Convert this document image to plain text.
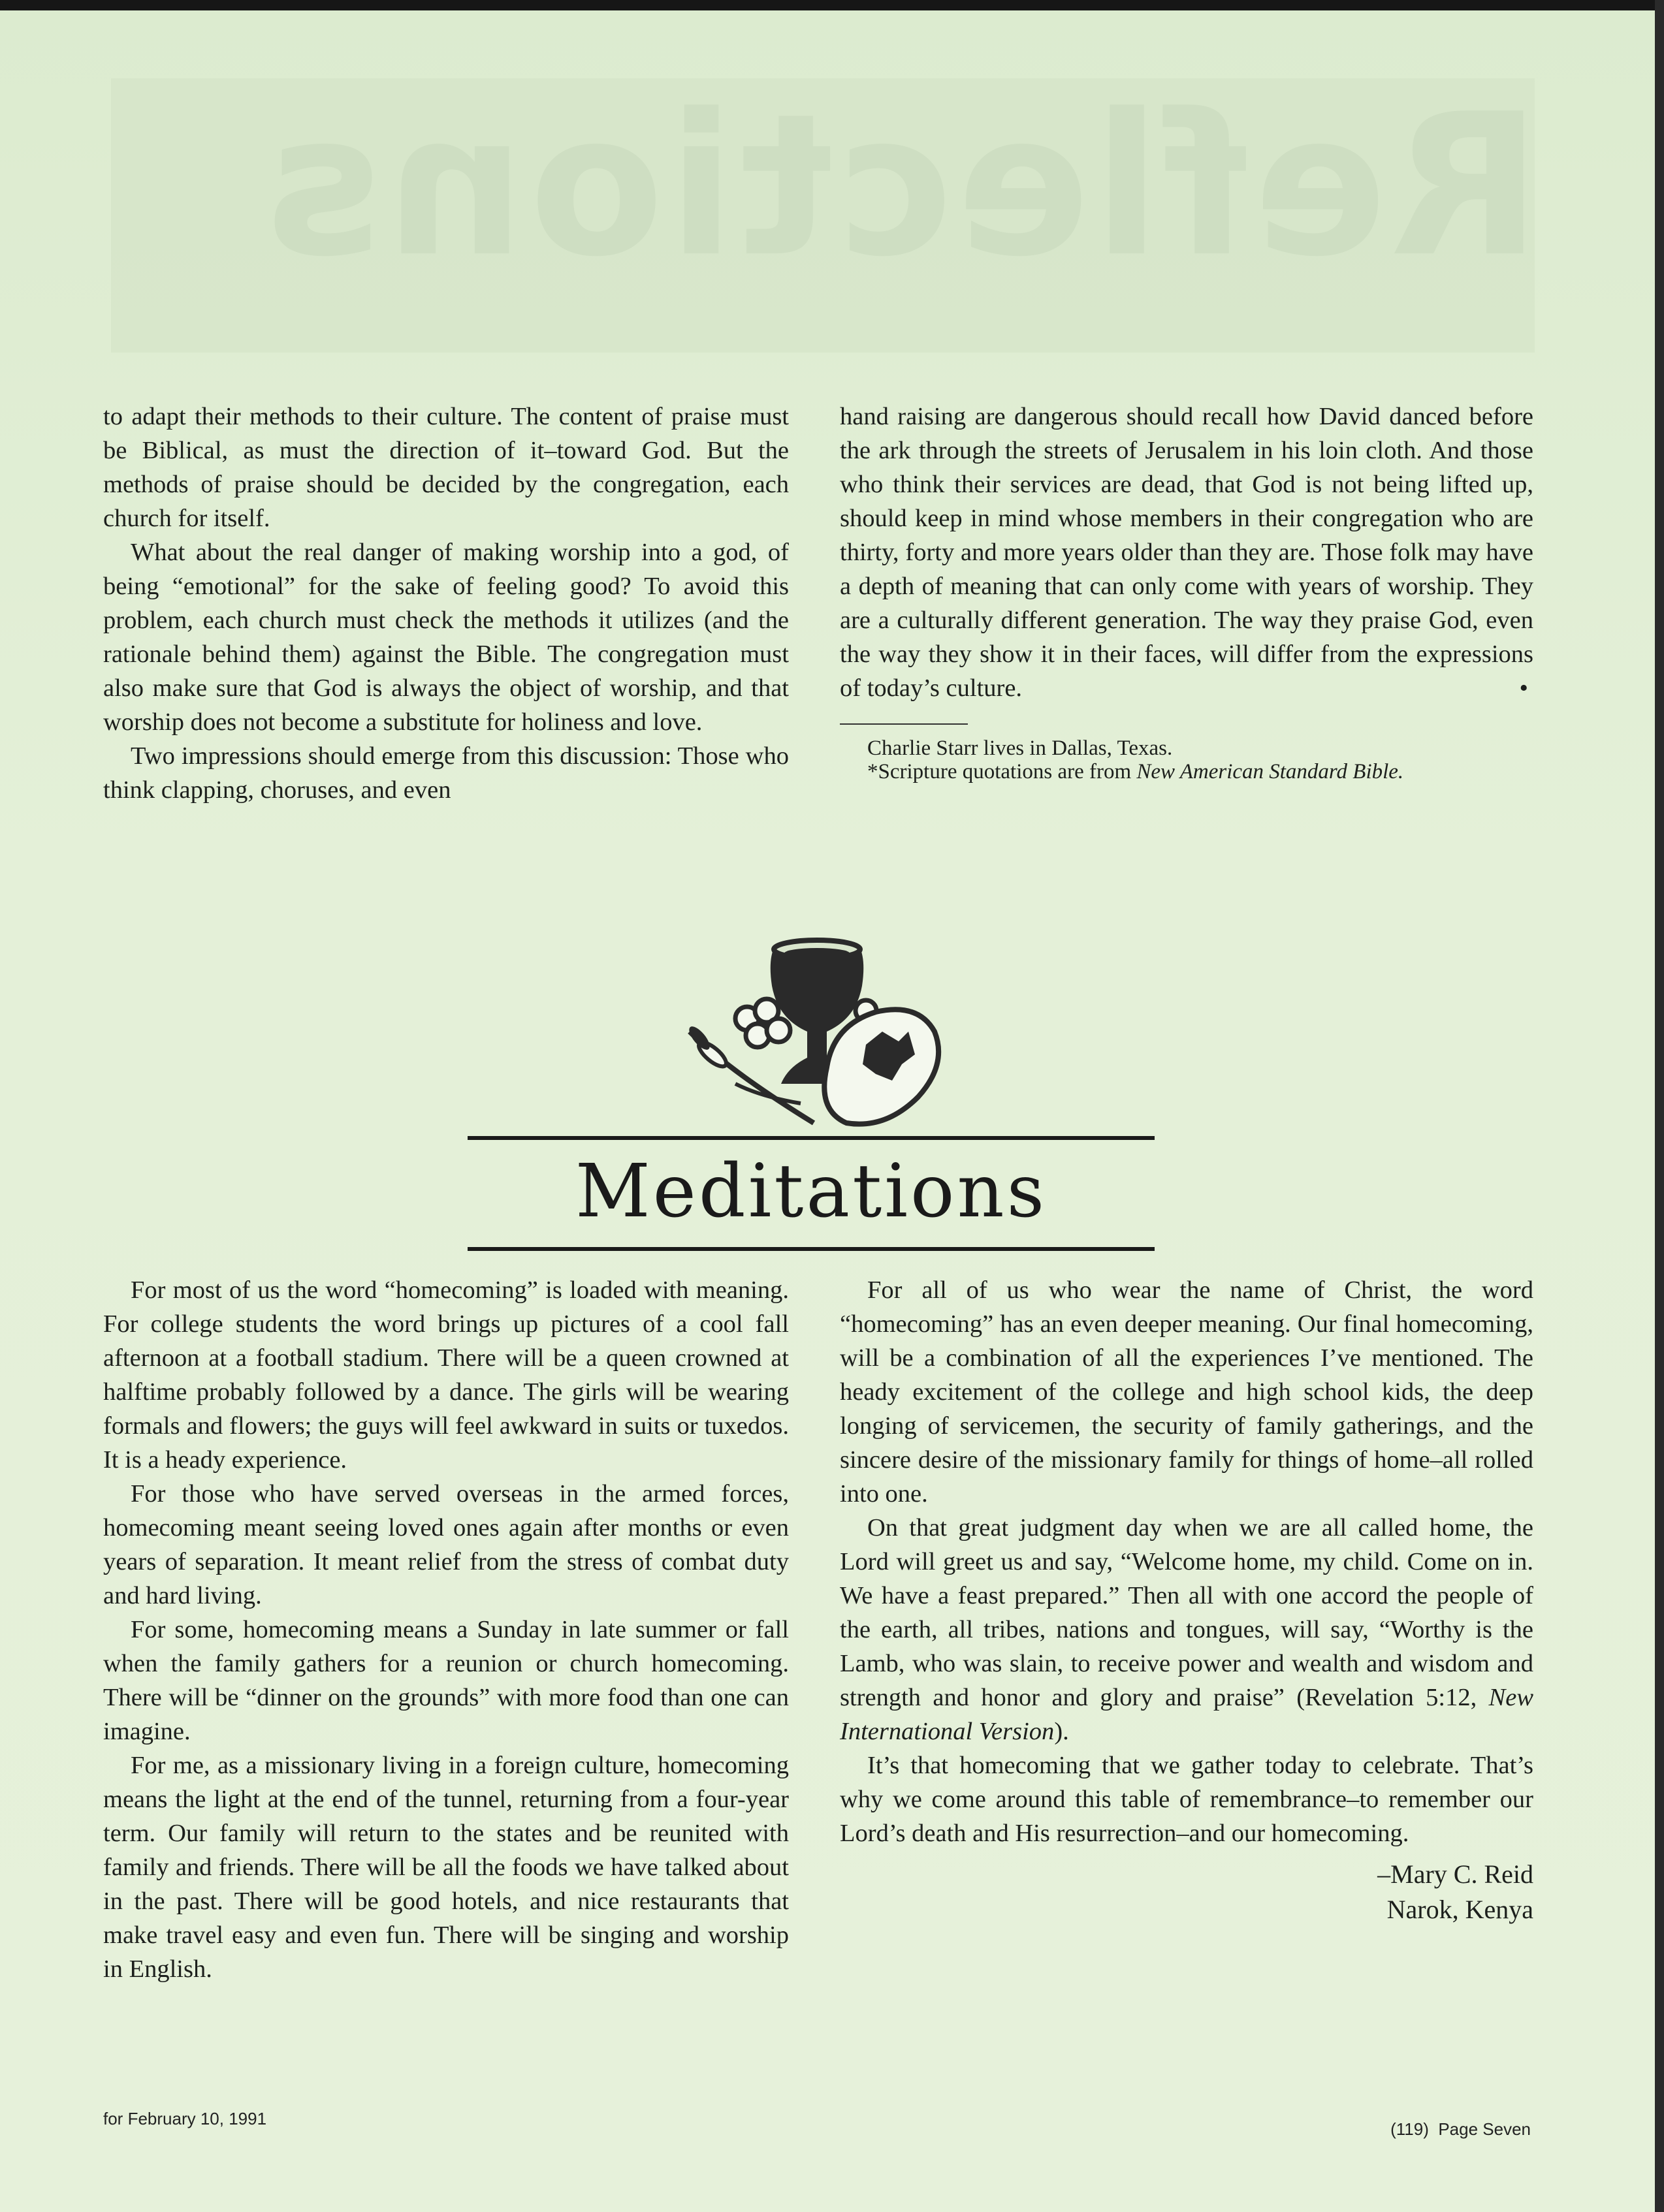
Reflections

to adapt their methods to their culture. The content of praise must be Biblical, as must the direction of it–toward God. But the methods of praise should be decided by the congregation, each church for itself.

What about the real danger of making worship into a god, of being “emotional” for the sake of feeling good? To avoid this problem, each church must check the methods it utilizes (and the rationale behind them) against the Bible. The congregation must also make sure that God is always the object of worship, and that worship does not become a substitute for holiness and love.

Two impressions should emerge from this discussion: Those who think clapping, choruses, and even

hand raising are dangerous should recall how David danced before the ark through the streets of Jerusalem in his loin cloth. And those who think their services are dead, that God is not being lifted up, should keep in mind whose members in their congregation who are thirty, forty and more years older than they are. Those folk may have a depth of meaning that can only come with years of worship. They are a culturally different generation. The way they praise God, even the way they show it in their faces, will differ from the expressions of today’s culture.	•

Charlie Starr lives in Dallas, Texas.

*Scripture quotations are from New American Standard Bible.

Meditations

For most of us the word “homecoming” is loaded with meaning. For college students the word brings up pictures of a cool fall afternoon at a football stadium. There will be a queen crowned at halftime probably followed by a dance. The girls will be wearing formals and flowers; the guys will feel awkward in suits or tuxedos. It is a heady experience.

For those who have served overseas in the armed forces, homecoming meant seeing loved ones again after months or even years of separation. It meant relief from the stress of combat duty and hard living.

For some, homecoming means a Sunday in late summer or fall when the family gathers for a reunion or church homecoming. There will be “dinner on the grounds” with more food than one can imagine.

For me, as a missionary living in a foreign culture, homecoming means the light at the end of the tunnel, returning from a four-year term. Our family will return to the states and be reunited with family and friends. There will be all the foods we have talked about in the past. There will be good hotels, and nice restaurants that make travel easy and even fun. There will be singing and worship in English.

For all of us who wear the name of Christ, the word “homecoming” has an even deeper meaning. Our final homecoming, will be a combination of all the experiences I’ve mentioned. The heady excitement of the college and high school kids, the deep longing of servicemen, the security of family gatherings, and the sincere desire of the missionary family for things of home–all rolled into one.

On that great judgment day when we are all called home, the Lord will greet us and say, “Welcome home, my child. Come on in. We have a feast prepared.” Then all with one accord the people of the earth, all tribes, nations and tongues, will say, “Worthy is the Lamb, who was slain, to receive power and wealth and wisdom and strength and honor and glory and praise” (Revelation 5:12, New International Version).

It’s that homecoming that we gather today to celebrate. That’s why we come around this table of remembrance–to remember our Lord’s death and His resurrection–and our homecoming.

–Mary C. Reid
Narok, Kenya
for February 10, 1991
(119)  Page Seven
